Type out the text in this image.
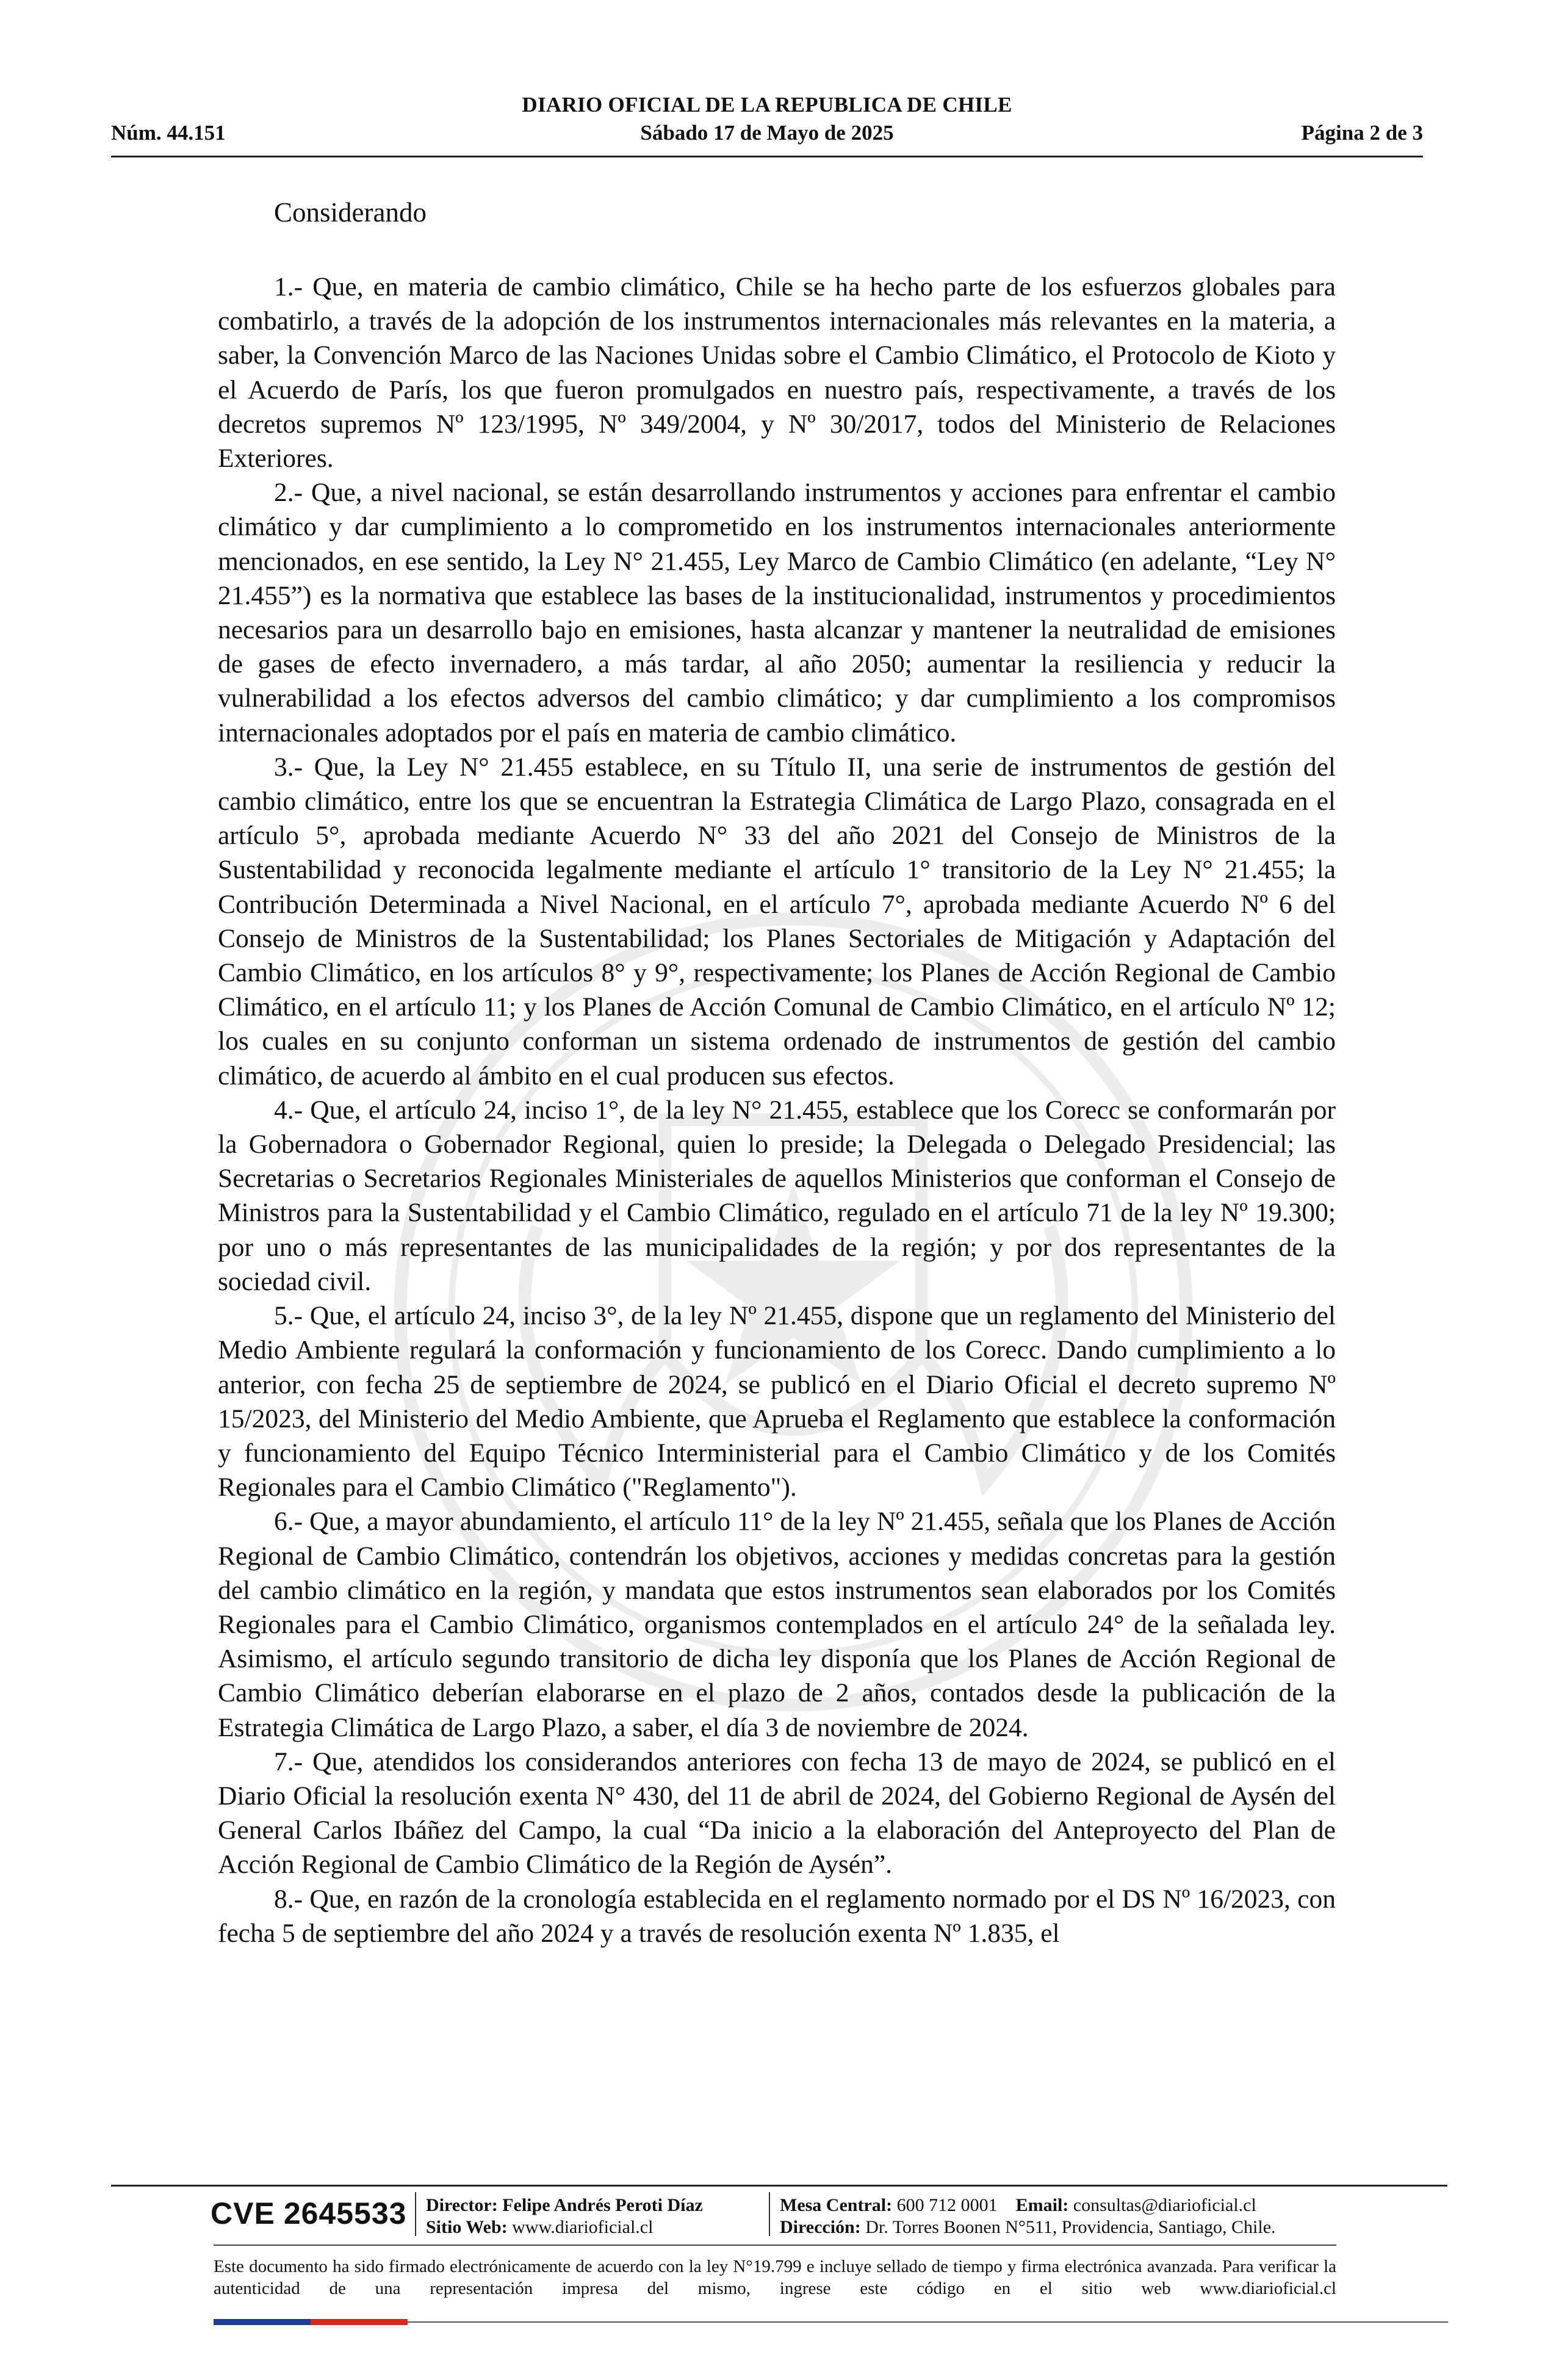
DIARIO OFICIAL DE LA REPUBLICA DE CHILE
Núm. 44.151	Sábado 17 de Mayo de 2025	Página 2 de 3
Considerando

1.- Que, en materia de cambio climático, Chile se ha hecho parte de los esfuerzos globales para combatirlo, a través de la adopción de los instrumentos internacionales más relevantes en la materia, a saber, la Convención Marco de las Naciones Unidas sobre el Cambio Climático, el Protocolo de Kioto y el Acuerdo de París, los que fueron promulgados en nuestro país, respectivamente, a través de los decretos supremos Nº 123/1995, Nº 349/2004, y Nº 30/2017, todos del Ministerio de Relaciones Exteriores.

2.- Que, a nivel nacional, se están desarrollando instrumentos y acciones para enfrentar el cambio climático y dar cumplimiento a lo comprometido en los instrumentos internacionales anteriormente mencionados, en ese sentido, la Ley N° 21.455, Ley Marco de Cambio Climático (en adelante, “Ley N° 21.455”) es la normativa que establece las bases de la institucionalidad, instrumentos y procedimientos necesarios para un desarrollo bajo en emisiones, hasta alcanzar y mantener la neutralidad de emisiones de gases de efecto invernadero, a más tardar, al año 2050; aumentar la resiliencia y reducir la vulnerabilidad a los efectos adversos del cambio climático; y dar cumplimiento a los compromisos internacionales adoptados por el país en materia de cambio climático.

3.- Que, la Ley N° 21.455 establece, en su Título II, una serie de instrumentos de gestión del cambio climático, entre los que se encuentran la Estrategia Climática de Largo Plazo, consagrada en el artículo 5°, aprobada mediante Acuerdo N° 33 del año 2021 del Consejo de Ministros de la Sustentabilidad y reconocida legalmente mediante el artículo 1° transitorio de la Ley N° 21.455; la Contribución Determinada a Nivel Nacional, en el artículo 7°, aprobada mediante Acuerdo Nº 6 del Consejo de Ministros de la Sustentabilidad; los Planes Sectoriales de Mitigación y Adaptación del Cambio Climático, en los artículos 8° y 9°, respectivamente; los Planes de Acción Regional de Cambio Climático, en el artículo 11; y los Planes de Acción Comunal de Cambio Climático, en el artículo Nº 12; los cuales en su conjunto conforman un sistema ordenado de instrumentos de gestión del cambio climático, de acuerdo al ámbito en el cual producen sus efectos.

4.- Que, el artículo 24, inciso 1°, de la ley N° 21.455, establece que los Corecc se conformarán por la Gobernadora o Gobernador Regional, quien lo preside; la Delegada o Delegado Presidencial; las Secretarias o Secretarios Regionales Ministeriales de aquellos Ministerios que conforman el Consejo de Ministros para la Sustentabilidad y el Cambio Climático, regulado en el artículo 71 de la ley Nº 19.300; por uno o más representantes de las municipalidades de la región; y por dos representantes de la sociedad civil.

5.- Que, el artículo 24, inciso 3°, de la ley Nº 21.455, dispone que un reglamento del Ministerio del Medio Ambiente regulará la conformación y funcionamiento de los Corecc. Dando cumplimiento a lo anterior, con fecha 25 de septiembre de 2024, se publicó en el Diario Oficial el decreto supremo Nº 15/2023, del Ministerio del Medio Ambiente, que Aprueba el Reglamento que establece la conformación y funcionamiento del Equipo Técnico Interministerial para el Cambio Climático y de los Comités Regionales para el Cambio Climático ("Reglamento").

6.- Que, a mayor abundamiento, el artículo 11° de la ley Nº 21.455, señala que los Planes de Acción Regional de Cambio Climático, contendrán los objetivos, acciones y medidas concretas para la gestión del cambio climático en la región, y mandata que estos instrumentos sean elaborados por los Comités Regionales para el Cambio Climático, organismos contemplados en el artículo 24° de la señalada ley. Asimismo, el artículo segundo transitorio de dicha ley disponía que los Planes de Acción Regional de Cambio Climático deberían elaborarse en el plazo de 2 años, contados desde la publicación de la Estrategia Climática de Largo Plazo, a saber, el día 3 de noviembre de 2024.

7.- Que, atendidos los considerandos anteriores con fecha 13 de mayo de 2024, se publicó en el Diario Oficial la resolución exenta N° 430, del 11 de abril de 2024, del Gobierno Regional de Aysén del General Carlos Ibáñez del Campo, la cual “Da inicio a la elaboración del Anteproyecto del Plan de Acción Regional de Cambio Climático de la Región de Aysén”.

8.- Que, en razón de la cronología establecida en el reglamento normado por el DS Nº 16/2023, con fecha 5 de septiembre del año 2024 y a través de resolución exenta Nº 1.835, el

CVE 2645533 Director: Felipe Andrés Peroti Díaz
Sitio Web: www.diarioficial.cl
Mesa Central: 600 712 0001 Email: consultas@diarioficial.cl
Dirección: Dr. Torres Boonen N°511, Providencia, Santiago, Chile.
Este documento ha sido firmado electrónicamente de acuerdo con la ley N°19.799 e incluye sellado de tiempo y firma electrónica avanzada. Para verificar la autenticidad de una representación impresa del mismo, ingrese este código en el sitio web www.diarioficial.cl
